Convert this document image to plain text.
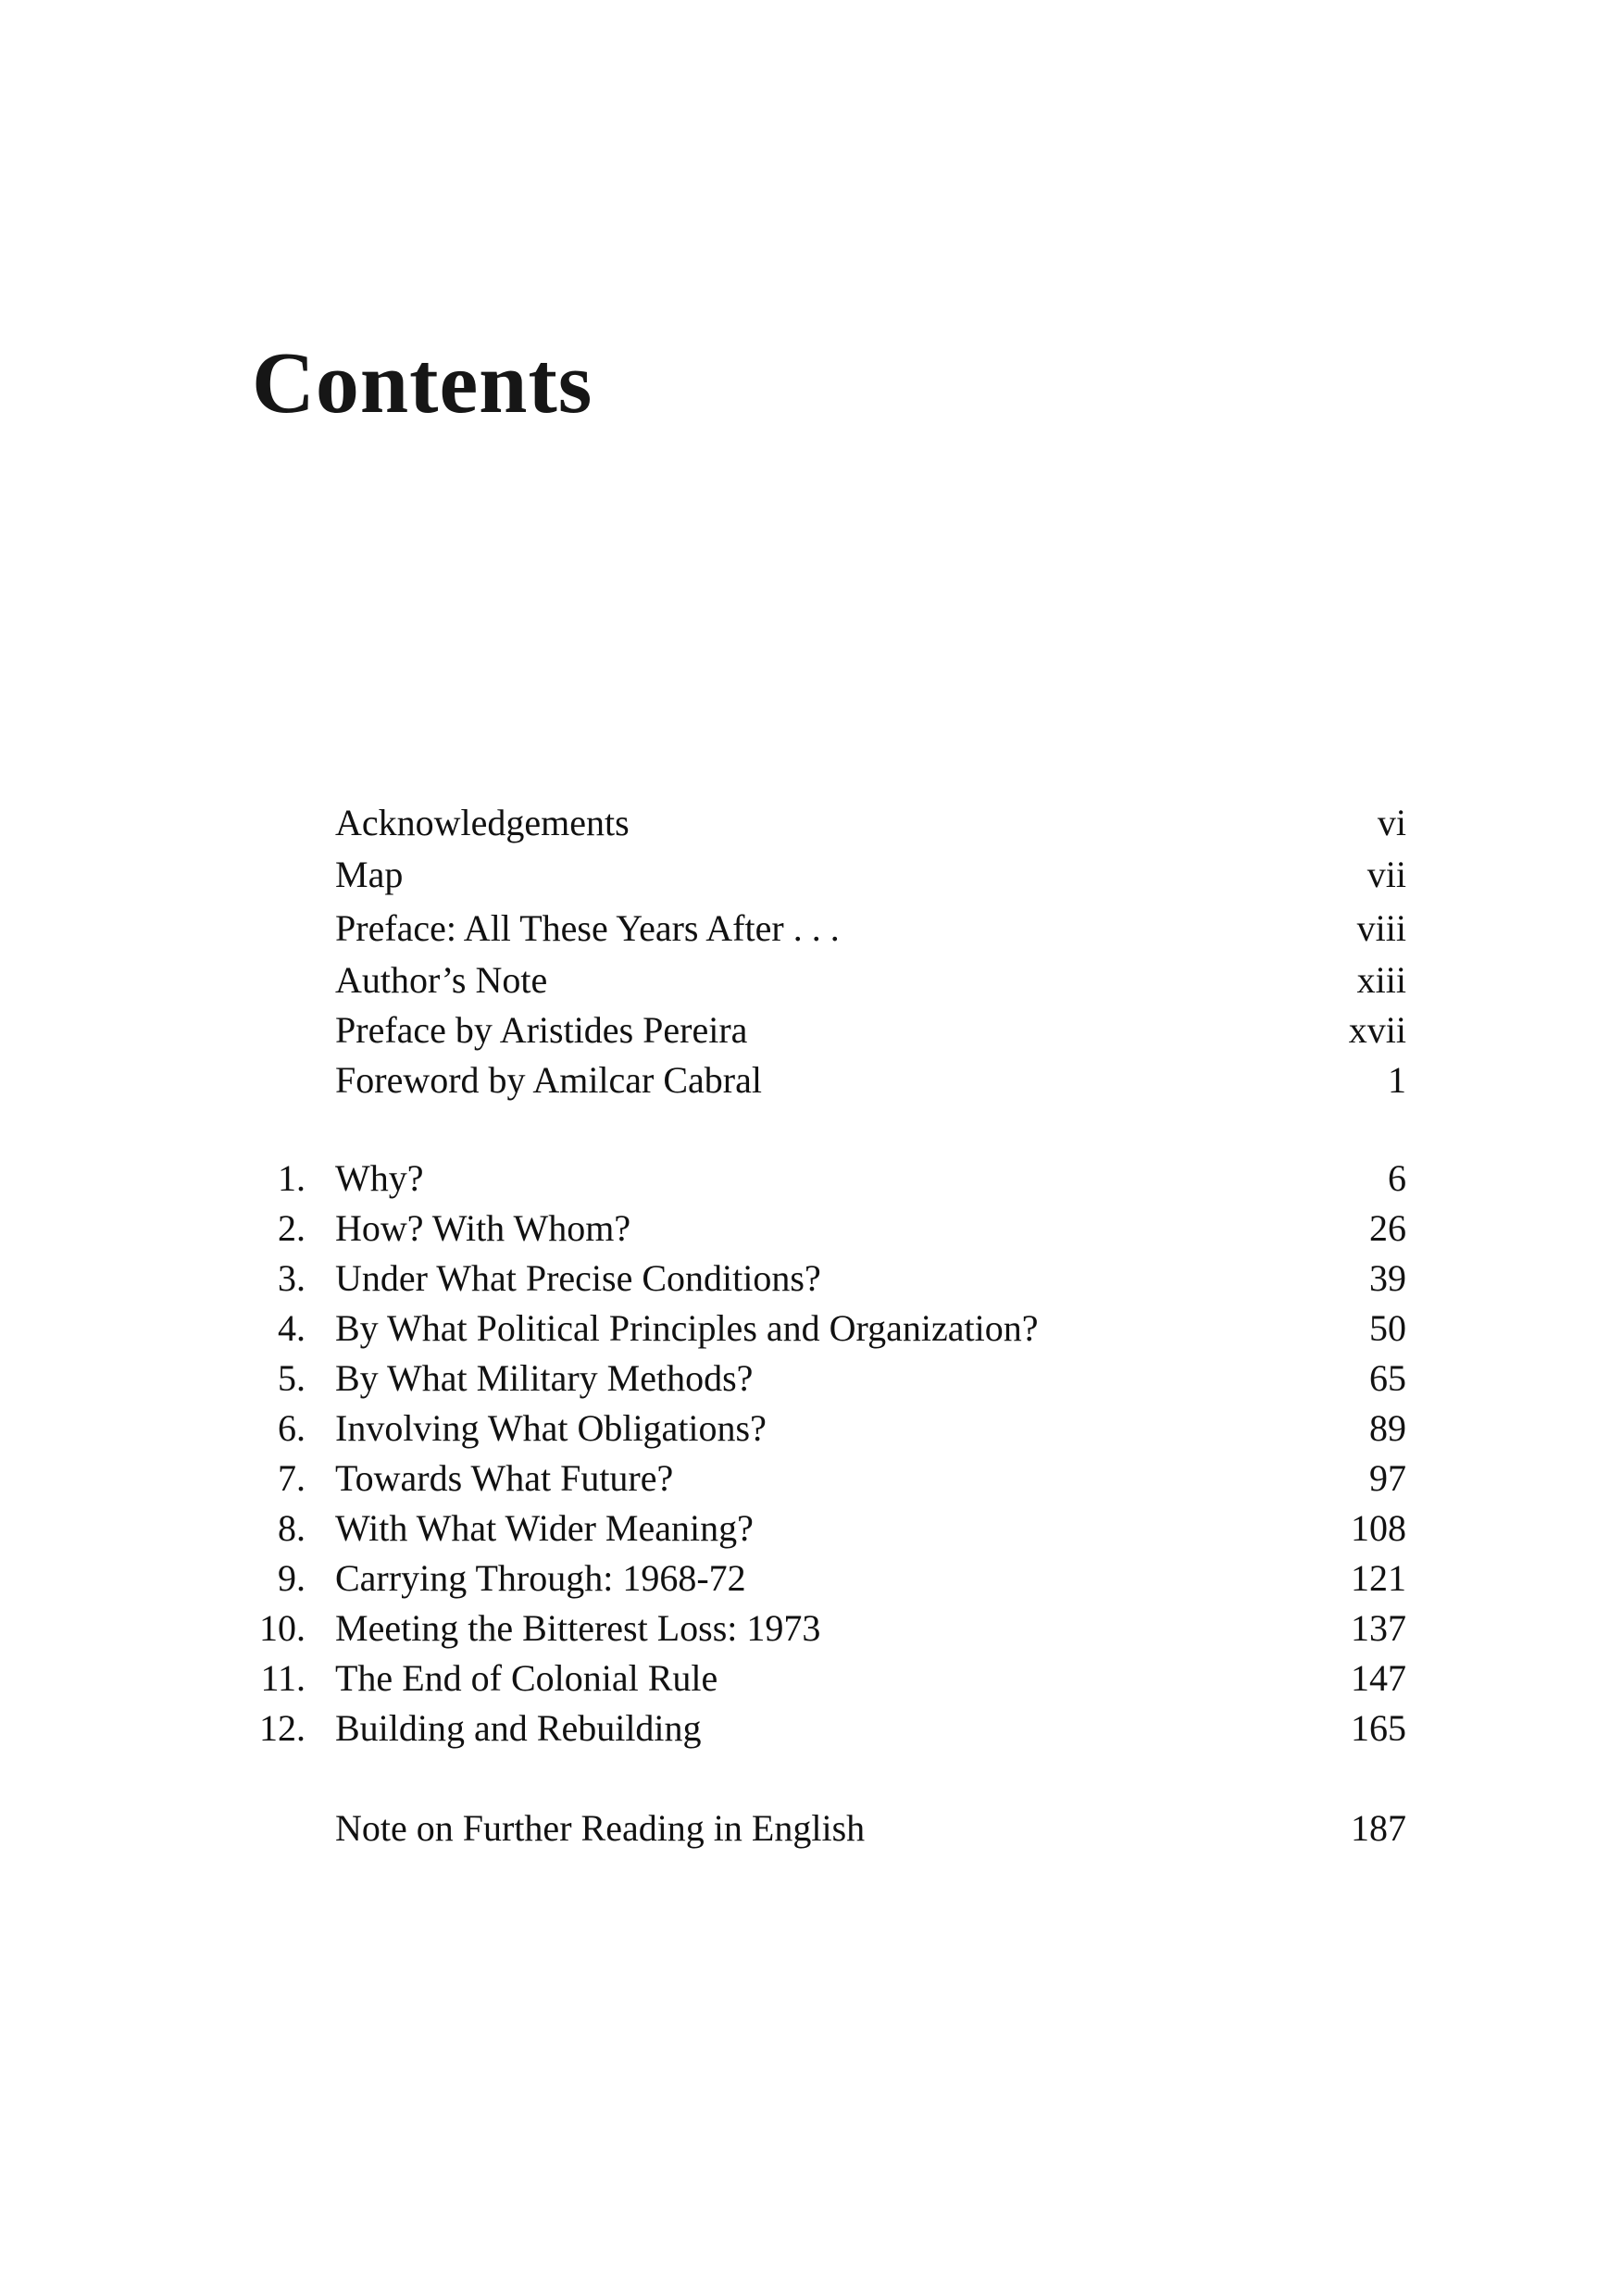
Contents
Acknowledgements	vi
Map	vii
Preface: All These Years After . . .	viii
Author’s Note	xiii
Preface by Aristides Pereira	xvii
Foreword by Amilcar Cabral	1
1. Why?	6
2. How? With Whom?	26
3. Under What Precise Conditions?	39
4. By What Political Principles and Organization?	50
5. By What Military Methods?	65
6. Involving What Obligations?	89
7. Towards What Future?	97
8. With What Wider Meaning?	108
9. Carrying Through: 1968-72	121
10. Meeting the Bitterest Loss: 1973	137
11. The End of Colonial Rule	147
12. Building and Rebuilding	165
Note on Further Reading in English	187
